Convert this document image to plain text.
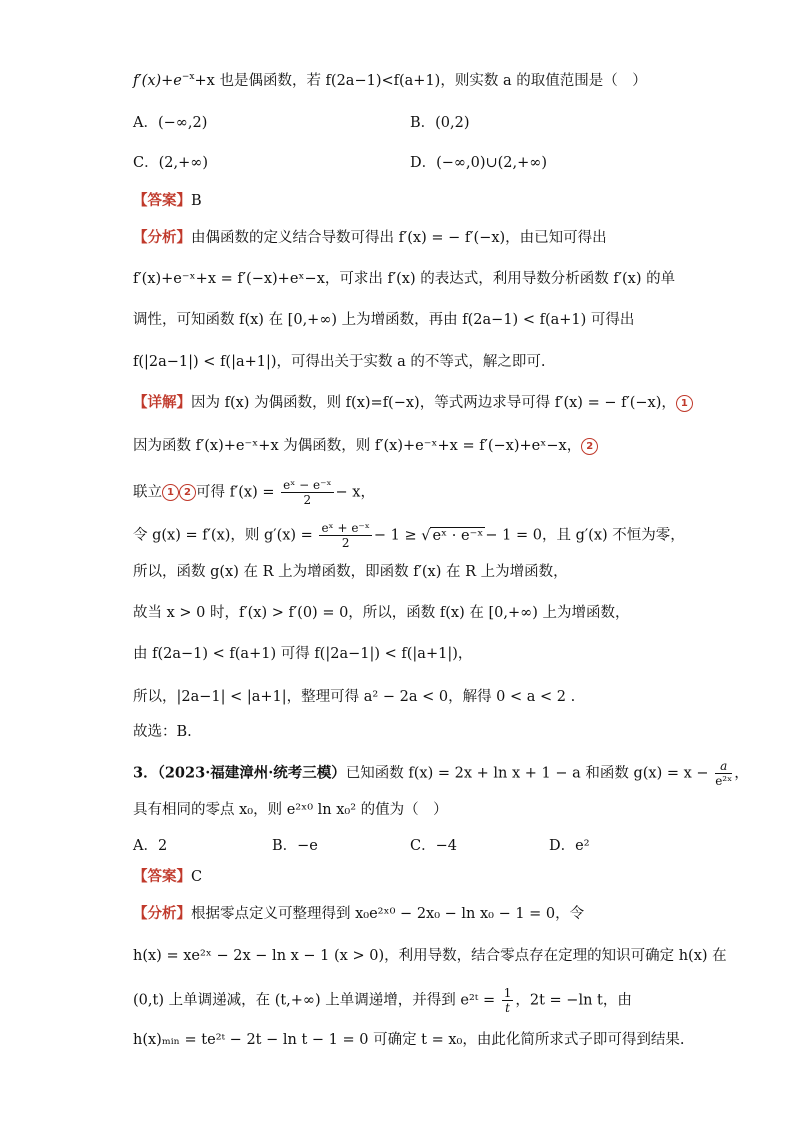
$f'(x)+e^{-x}+x$ 也是偶函数，若 f(2a−1)<f(a+1)，则实数 a 的取值范围是（　）
A．(−∞,2)	B．(0,2)
C．(2,+∞)	D．(−∞,0)∪(2,+∞)
【答案】B
【分析】由偶函数的定义结合导数可得出 f′(x) = − f′(−x)，由已知可得出
f′(x)+e⁻ˣ+x = f′(−x)+eˣ−x，可求出 f′(x) 的表达式，利用导数分析函数 f′(x) 的单
调性，可知函数 f(x) 在 [0,+∞) 上为增函数，再由 f(2a−1) < f(a+1) 可得出
f(|2a−1|) < f(|a+1|)，可得出关于实数 a 的不等式，解之即可.
【详解】因为 f(x) 为偶函数，则 f(x)=f(−x)，等式两边求导可得 f′(x) = − f′(−x)， 1
因为函数 f′(x)+e⁻ˣ+x 为偶函数，则 f′(x)+e⁻ˣ+x = f′(−x)+eˣ−x， 2
联立 1 2 可得 $f'(x) = \frac{\text{eˣ − e⁻ˣ}}{2} - x$，
令 g(x) = f′(x)，则 $g'(x) = \frac{\text{eˣ + e⁻ˣ}}{2} - 1$ ≥ √ eˣ · e⁻ˣ − 1 = 0，且 g′(x) 不恒为零，
所以，函数 g(x) 在 R 上为增函数，即函数 f′(x) 在 R 上为增函数，
故当 x > 0 时，f′(x) > f′(0) = 0，所以，函数 f(x) 在 [0,+∞) 上为增函数，
由 f(2a−1) < f(a+1) 可得 f(|2a−1|) < f(|a+1|)，
所以，|2a−1| < |a+1|，整理可得 a² − 2a < 0，解得 0 < a < 2 .
故选：B.
3．（2023·福建漳州·统考三模）已知函数 f(x) = 2x + ln x + 1 − a 和函数 $g(x) = x - \frac{a}{\text{e²ˣ}}$ ，
具有相同的零点 x₀，则 e²ˣ⁰ ln x₀² 的值为（　）
A．2	B．−e	C．−4	D．e²
【答案】C
【分析】根据零点定义可整理得到 x₀e²ˣ⁰ − 2x₀ − ln x₀ − 1 = 0，令
h(x) = xe²ˣ − 2x − ln x − 1 (x > 0)，利用导数，结合零点存在定理的知识可确定 h(x) 在
(0,t) 上单调递减，在 (t,+∞) 上单调递增，并得到 e²ᵗ = $\frac{1}{t}$ ，2t = −ln t，由
h(x)ₘᵢₙ = te²ᵗ − 2t − ln t − 1 = 0 可确定 t = x₀，由此化简所求式子即可得到结果.
